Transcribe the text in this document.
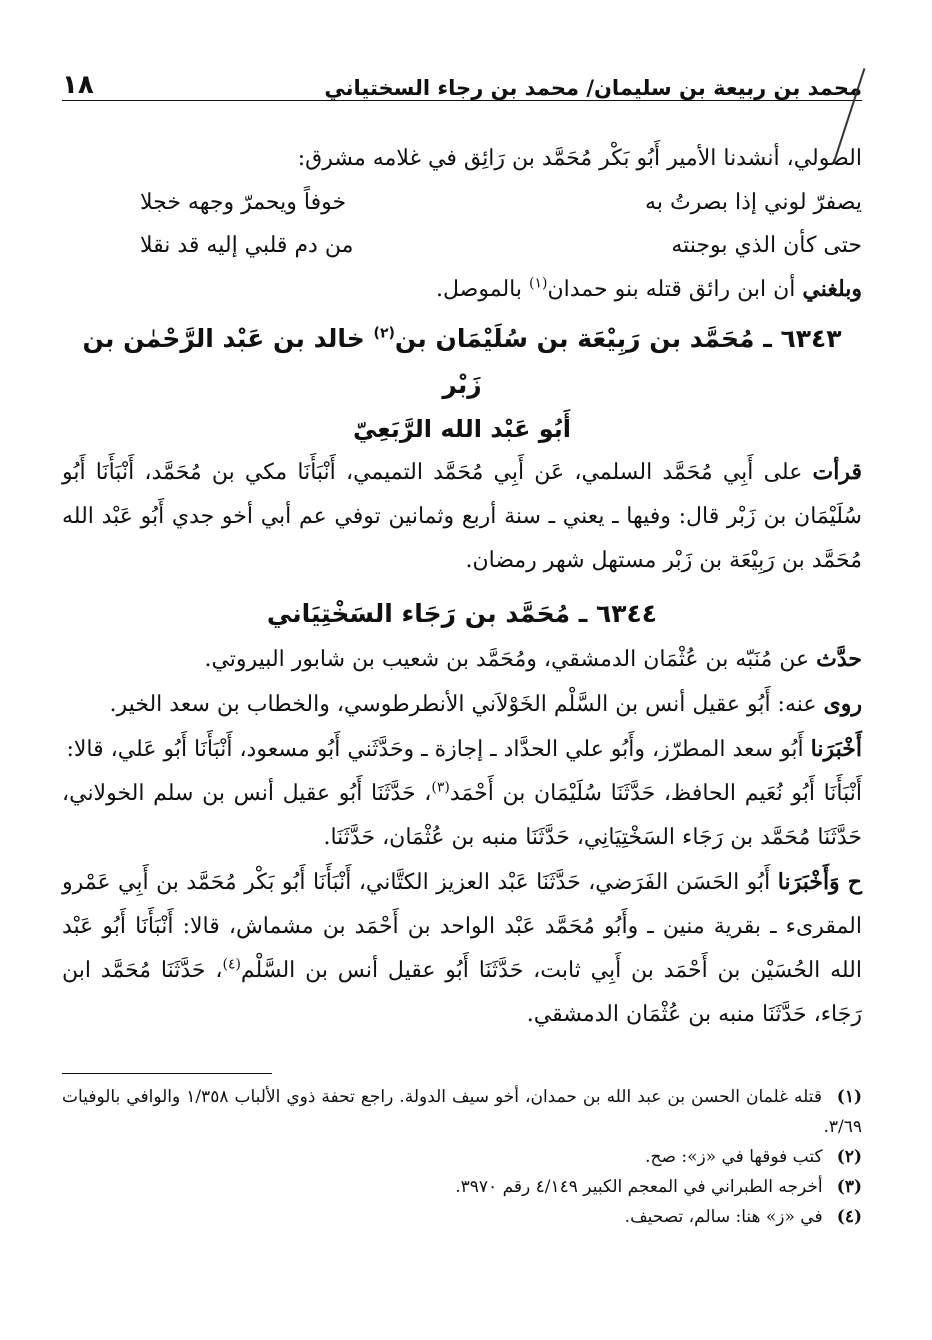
محمد بن ربيعة بن سليمان/ محمد بن رجاء السختياني
١٨

الصولي، أنشدنا الأمير أَبُو بَكْر مُحَمَّد بن رَائِق في غلامه مشرق:

يصفرّ لوني إذا بصرتُ به
خوفاً ويحمرّ وجهه خجلا
حتى كأن الذي بوجنته
من دم قلبي إليه قد نقلا

وبلغني أن ابن رائق قتله بنو حمدان$^{(١)}$ بالموصل.

٦٣٤٣ ـ مُحَمَّد بن رَبِيْعَة بن سُلَيْمَان بن$^{(٢)}$ خالد بن عَبْد الرَّحْمٰن بن زَبْر
أَبُو عَبْد الله الرَّبَعِيّ

قرأت على أَبِي مُحَمَّد السلمي، عَن أَبِي مُحَمَّد التميمي، أَنْبَأَنَا مكي بن مُحَمَّد، أَنْبَأَنَا أَبُو سُلَيْمَان بن زَبْر قال: وفيها ـ يعني ـ سنة أربع وثمانين توفي عم أبي أخو جدي أَبُو عَبْد الله مُحَمَّد بن رَبِيْعَة بن زَبْر مستهل شهر رمضان.

٦٣٤٤ ـ مُحَمَّد بن رَجَاء السَخْتِيَاني

حدَّث عن مُنَبّه بن عُثْمَان الدمشقي، ومُحَمَّد بن شعيب بن شابور البيروتي.

روى عنه: أَبُو عقيل أنس بن السَّلْم الخَوْلاَني الأنطرطوسي، والخطاب بن سعد الخير.

أَخْبَرَنا أَبُو سعد المطرّز، وأَبُو علي الحدَّاد ـ إجازة ـ وحَدَّثَني أَبُو مسعود، أَنْبَأَنَا أَبُو عَلي، قالا:

أَنْبَأَنَا أَبُو نُعَيم الحافظ، حَدَّثَنَا سُلَيْمَان بن أَحْمَد$^{(٣)}$، حَدَّثَنَا أَبُو عقيل أنس بن سلم الخولاني، حَدَّثَنَا مُحَمَّد بن رَجَاء السَخْتِيَانِي، حَدَّثَنَا منبه بن عُثْمَان، حَدَّثَنَا.

ح وَأَخْبَرَنا أَبُو الحَسَن الفَرَضي، حَدَّثَنَا عَبْد العزيز الكتَّاني، أَنْبَأَنَا أَبُو بَكْر مُحَمَّد بن أَبِي عَمْرو المقرىء ـ بقرية منين ـ وأَبُو مُحَمَّد عَبْد الواحد بن أَحْمَد بن مشماش، قالا: أَنْبَأَنَا أَبُو عَبْد الله الحُسَيْن بن أَحْمَد بن أَبِي ثابت، حَدَّثَنَا أَبُو عقيل أنس بن السَّلْم$^{(٤)}$، حَدَّثَنَا مُحَمَّد ابن رَجَاء، حَدَّثَنَا منبه بن عُثْمَان الدمشقي.

(١) قتله غلمان الحسن بن عبد الله بن حمدان، أخو سيف الدولة. راجع تحفة ذوي الألباب ١/٣٥٨ والوافي بالوفيات ٣/٦٩.

(٢) كتب فوقها في «ز»: صح.

(٣) أخرجه الطبراني في المعجم الكبير ٤/١٤٩ رقم ٣٩٧٠.

(٤) في «ز» هنا: سالم، تصحيف.
